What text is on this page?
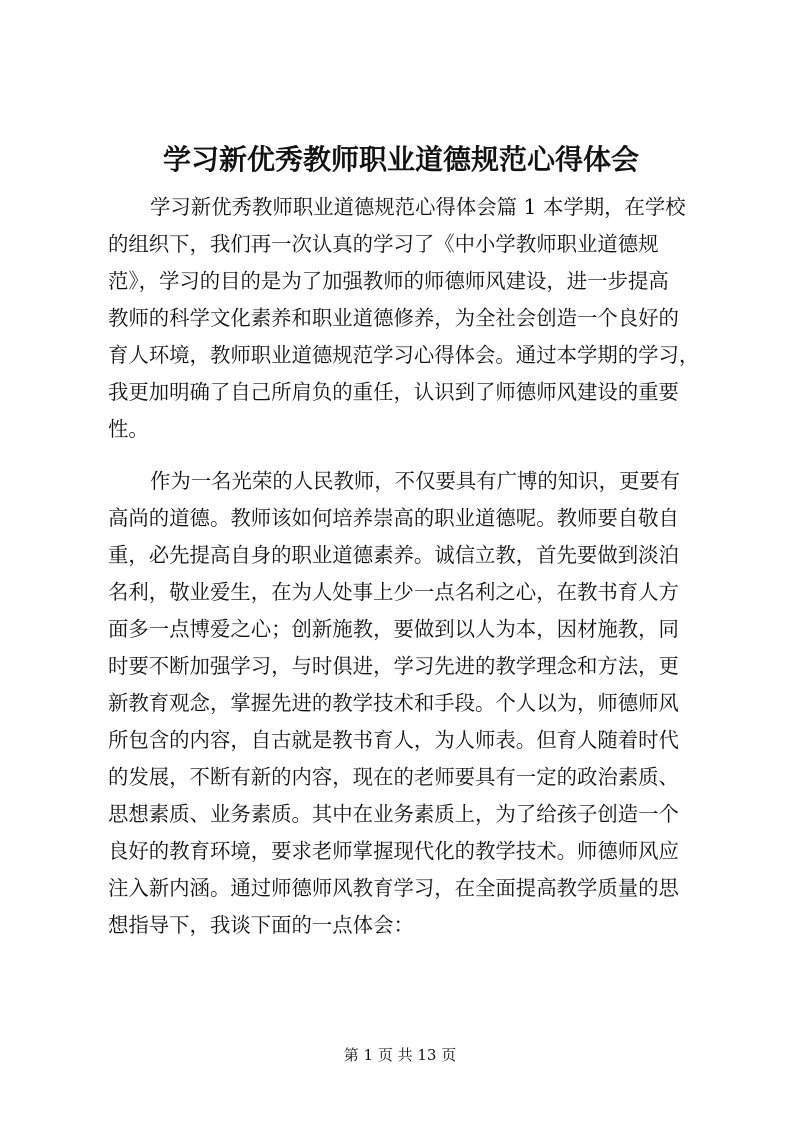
学习新优秀教师职业道德规范心得体会
学习新优秀教师职业道德规范心得体会篇 1 本学期，在学校
的组织下，我们再一次认真的学习了《中小学教师职业道德规
范》，学习的目的是为了加强教师的师德师风建设，进一步提高
教师的科学文化素养和职业道德修养，为全社会创造一个良好的
育人环境，教师职业道德规范学习心得体会。通过本学期的学习，
我更加明确了自己所肩负的重任，认识到了师德师风建设的重要
性。
作为一名光荣的人民教师，不仅要具有广博的知识，更要有
高尚的道德。教师该如何培养崇高的职业道德呢。教师要自敬自
重，必先提高自身的职业道德素养。诚信立教，首先要做到淡泊
名利，敬业爱生，在为人处事上少一点名利之心，在教书育人方
面多一点博爱之心；创新施教，要做到以人为本，因材施教，同
时要不断加强学习，与时俱进，学习先进的教学理念和方法，更
新教育观念，掌握先进的教学技术和手段。个人以为，师德师风
所包含的内容，自古就是教书育人，为人师表。但育人随着时代
的发展，不断有新的内容，现在的老师要具有一定的政治素质、
思想素质、业务素质。其中在业务素质上，为了给孩子创造一个
良好的教育环境，要求老师掌握现代化的教学技术。师德师风应
注入新内涵。通过师德师风教育学习，在全面提高教学质量的思
想指导下，我谈下面的一点体会：
第 1 页 共 13 页
